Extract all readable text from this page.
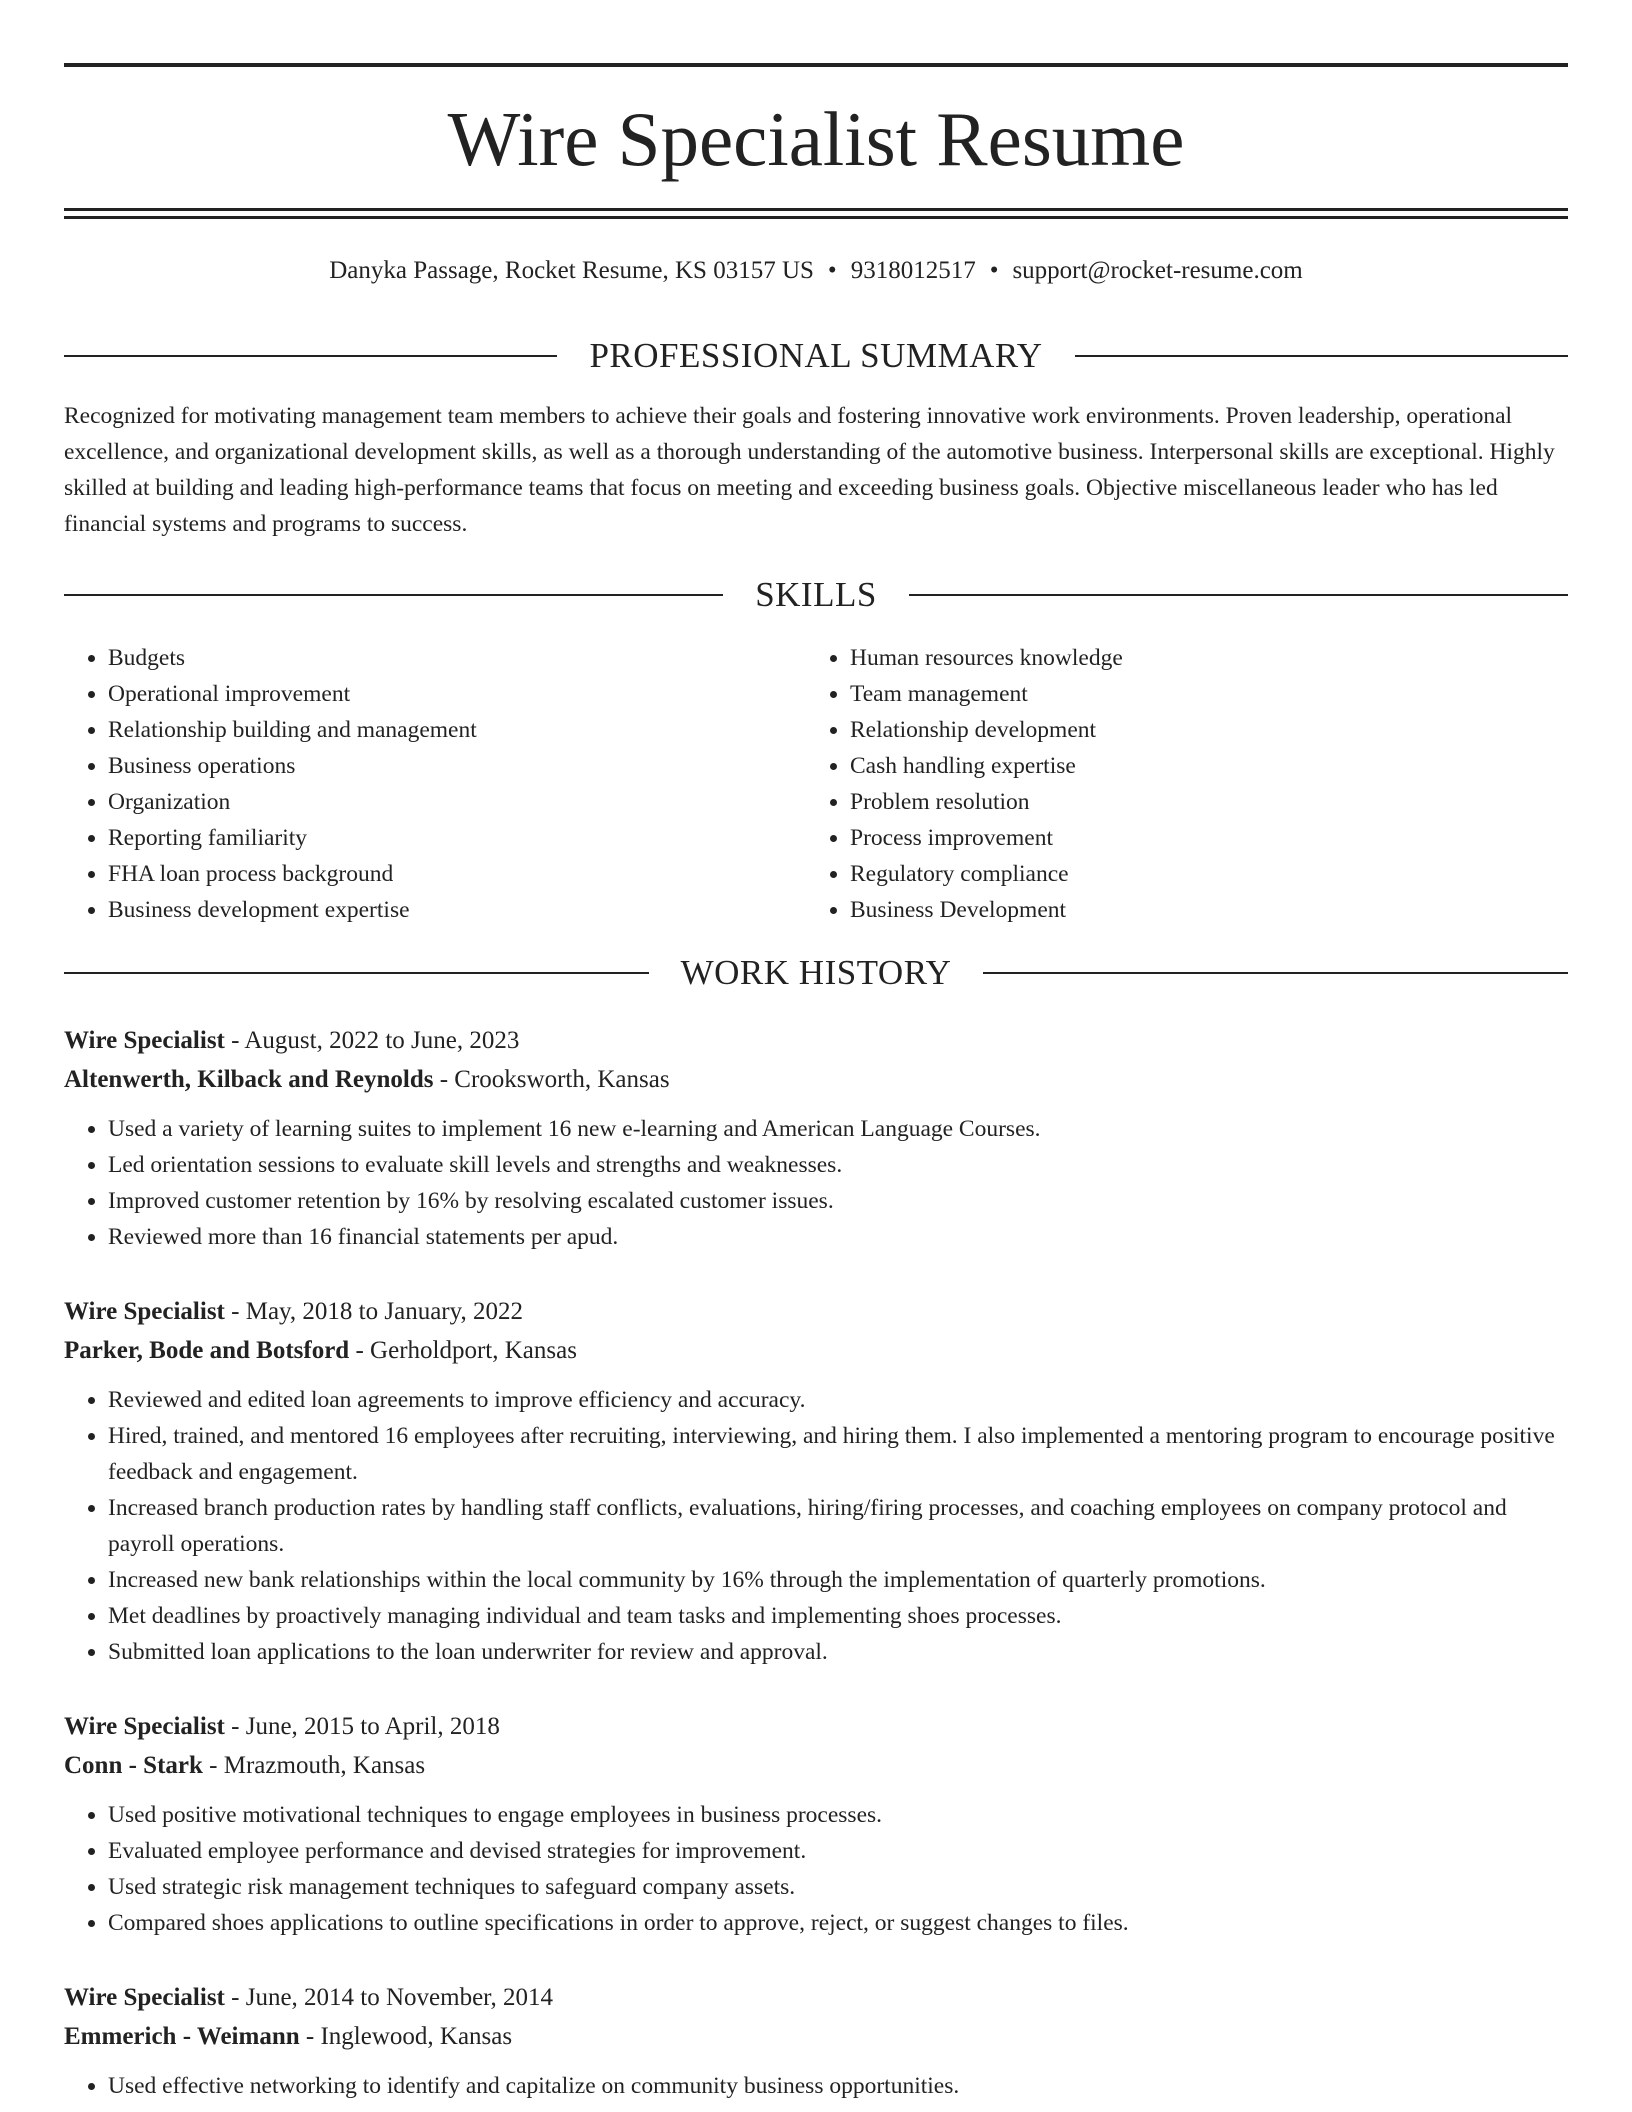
Wire Specialist Resume
Danyka Passage, Rocket Resume, KS 03157 US • 9318012517 • support@rocket-resume.com
PROFESSIONAL SUMMARY

Recognized for motivating management team members to achieve their goals and fostering innovative work environments. Proven leadership, operational excellence, and organizational development skills, as well as a thorough understanding of the automotive business. Interpersonal skills are exceptional. Highly skilled at building and leading high-performance teams that focus on meeting and exceeding business goals. Objective miscellaneous leader who has led financial systems and programs to success.

SKILLS
• Budgets
• Operational improvement
• Relationship building and management
• Business operations
• Organization
• Reporting familiarity
• FHA loan process background
• Business development expertise
• Human resources knowledge
• Team management
• Relationship development
• Cash handling expertise
• Problem resolution
• Process improvement
• Regulatory compliance
• Business Development
WORK HISTORY

Wire Specialist - August, 2022 to June, 2023

Altenwerth, Kilback and Reynolds - Crooksworth, Kansas

• Used a variety of learning suites to implement 16 new e-learning and American Language Courses.
• Led orientation sessions to evaluate skill levels and strengths and weaknesses.
• Improved customer retention by 16% by resolving escalated customer issues.
• Reviewed more than 16 financial statements per apud.

Wire Specialist - May, 2018 to January, 2022

Parker, Bode and Botsford - Gerholdport, Kansas

• Reviewed and edited loan agreements to improve efficiency and accuracy.
• Hired, trained, and mentored 16 employees after recruiting, interviewing, and hiring them. I also implemented a mentoring program to encourage positive feedback and engagement.
• Increased branch production rates by handling staff conflicts, evaluations, hiring/firing processes, and coaching employees on company protocol and payroll operations.
• Increased new bank relationships within the local community by 16% through the implementation of quarterly promotions.
• Met deadlines by proactively managing individual and team tasks and implementing shoes processes.
• Submitted loan applications to the loan underwriter for review and approval.

Wire Specialist - June, 2015 to April, 2018

Conn - Stark - Mrazmouth, Kansas

• Used positive motivational techniques to engage employees in business processes.
• Evaluated employee performance and devised strategies for improvement.
• Used strategic risk management techniques to safeguard company assets.
• Compared shoes applications to outline specifications in order to approve, reject, or suggest changes to files.

Wire Specialist - June, 2014 to November, 2014

Emmerich - Weimann - Inglewood, Kansas

• Used effective networking to identify and capitalize on community business opportunities.
